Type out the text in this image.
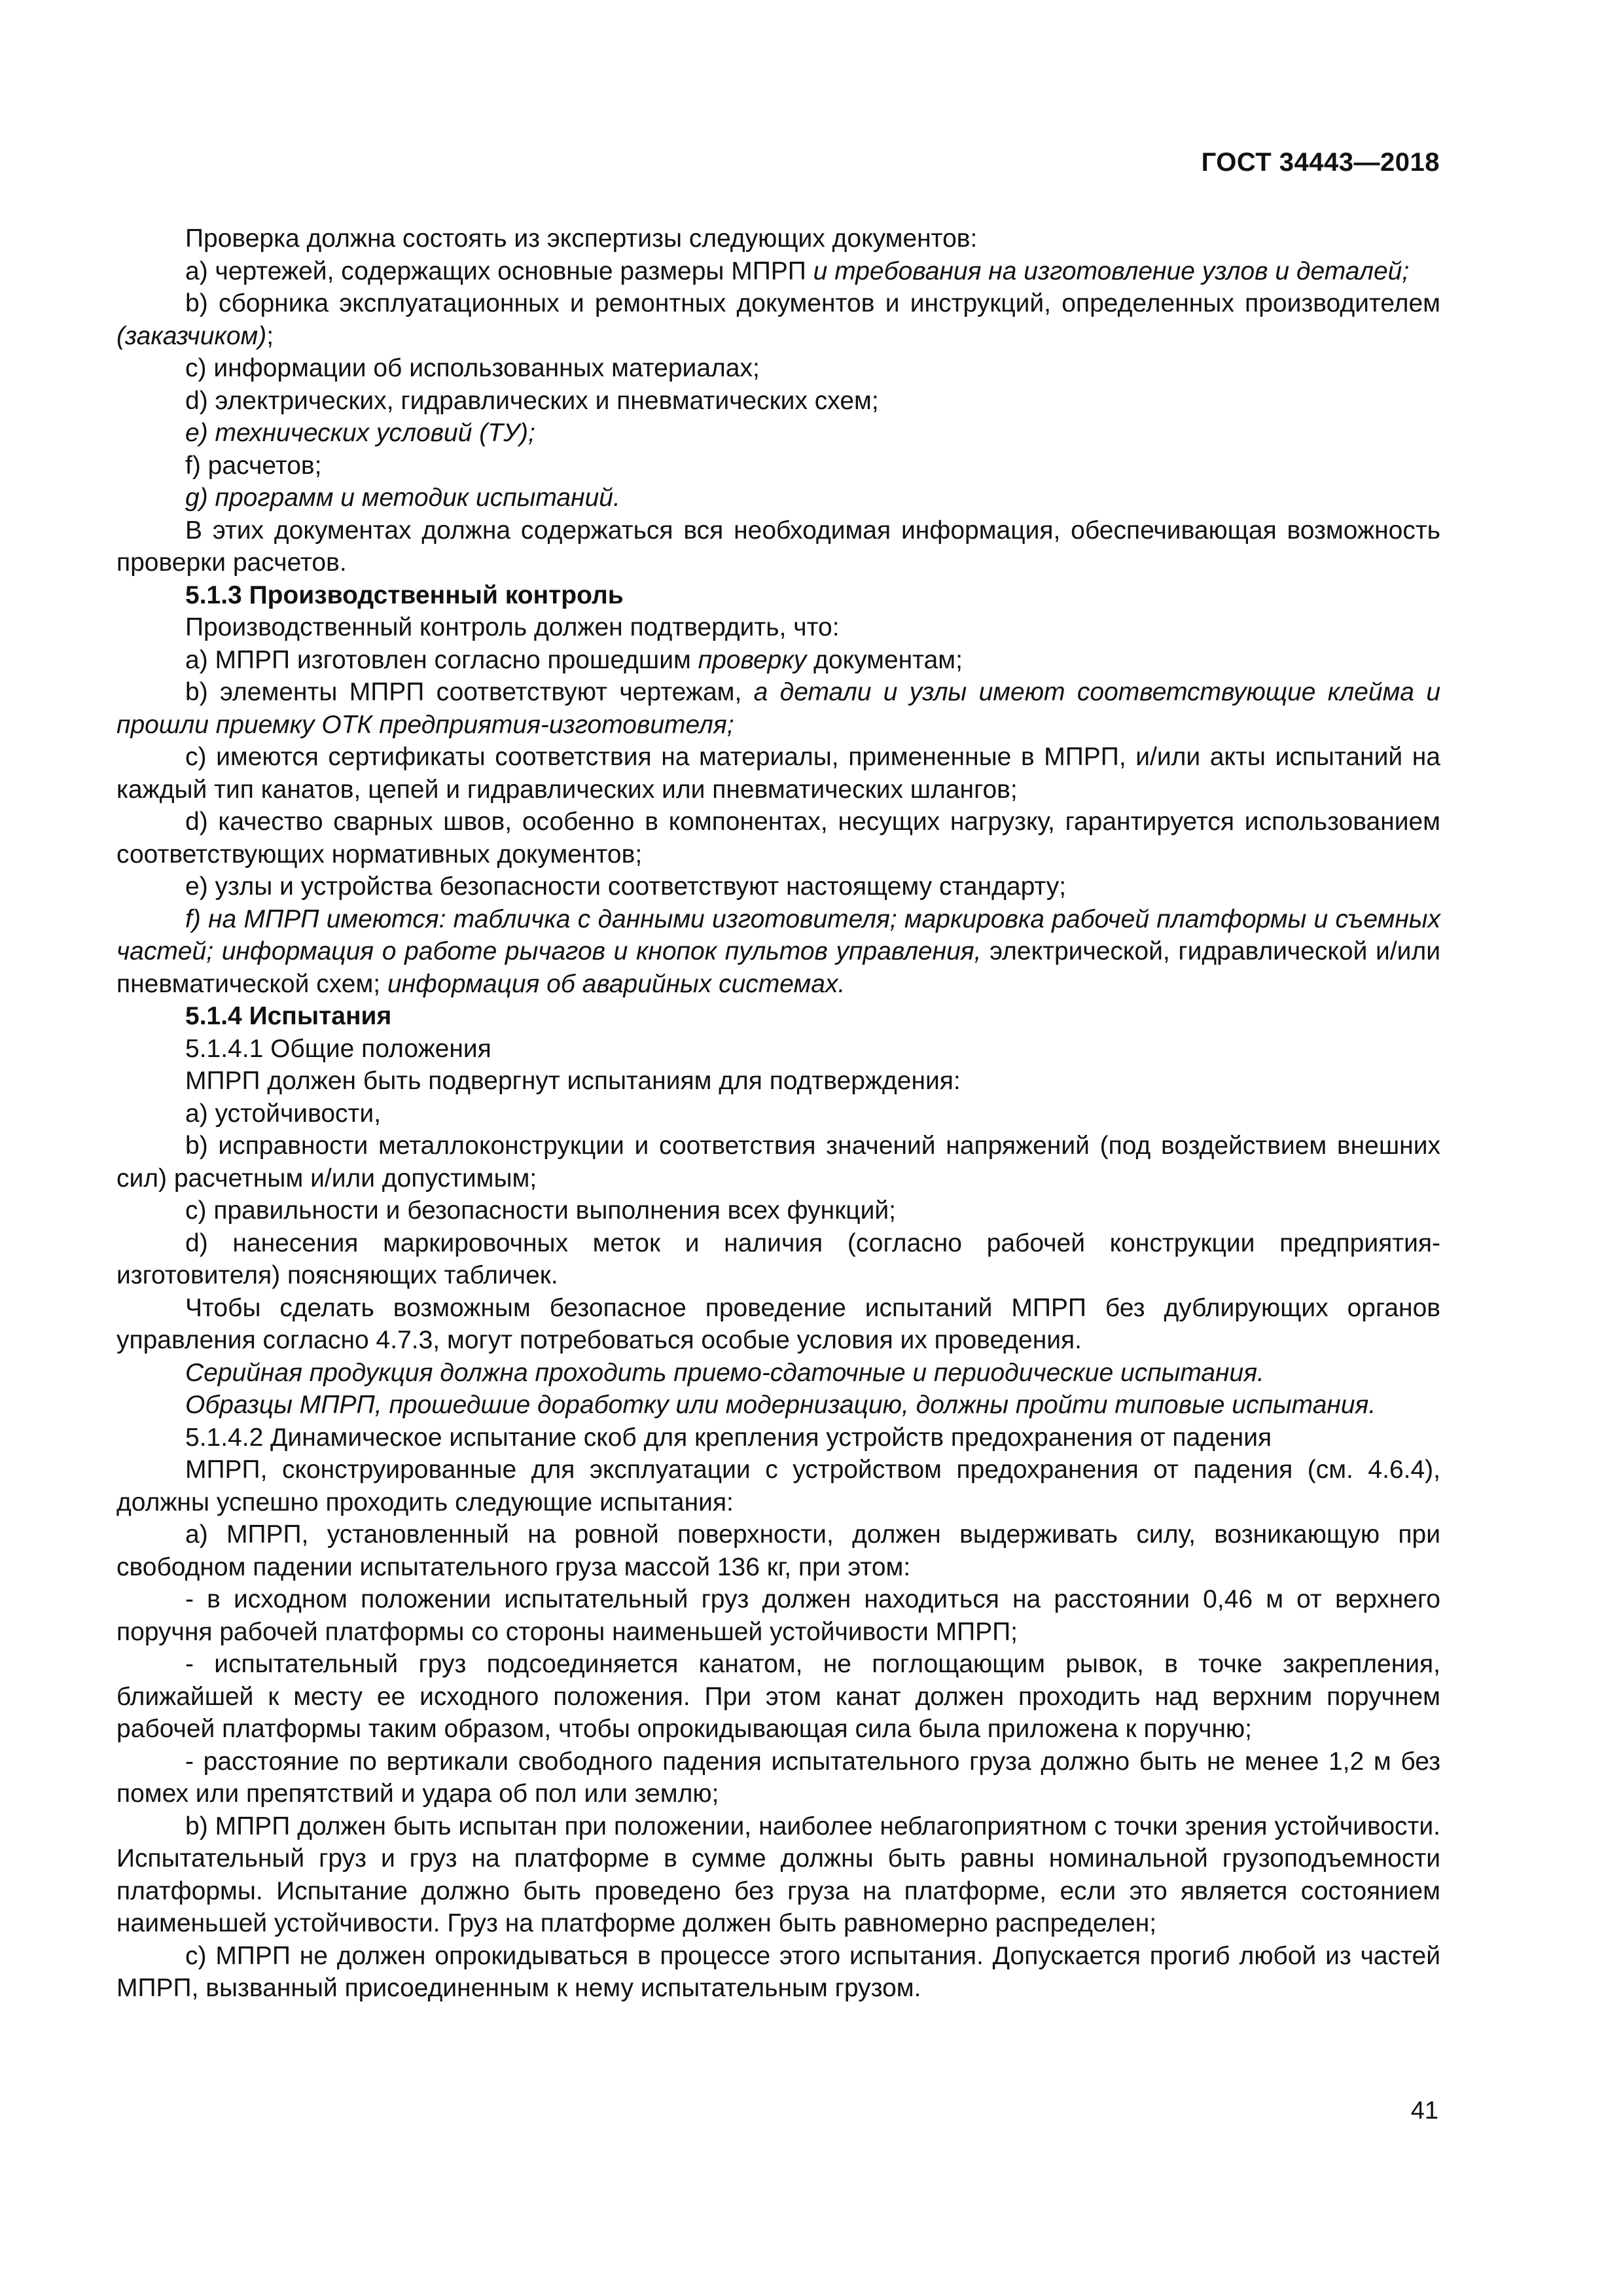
ГОСТ 34443—2018

Проверка должна состоять из экспертизы следующих документов:

а) чертежей, содержащих основные размеры МПРП и требования на изготовление узлов и деталей;

b) сборника эксплуатационных и ремонтных документов и инструкций, определенных производителем (заказчиком);

с) информации об использованных материалах;

d) электрических, гидравлических и пневматических схем;

е) технических условий (ТУ);

f) расчетов;

g) программ и методик испытаний.

В этих документах должна содержаться вся необходимая информация, обеспечивающая возможность проверки расчетов.

5.1.3 Производственный контроль

Производственный контроль должен подтвердить, что:

а) МПРП изготовлен согласно прошедшим проверку документам;

b) элементы МПРП соответствуют чертежам, а детали и узлы имеют соответствующие клейма и прошли приемку ОТК предприятия-изготовителя;

с) имеются сертификаты соответствия на материалы, примененные в МПРП, и/или акты испытаний на каждый тип канатов, цепей и гидравлических или пневматических шлангов;

d) качество сварных швов, особенно в компонентах, несущих нагрузку, гарантируется использованием соответствующих нормативных документов;

е) узлы и устройства безопасности соответствуют настоящему стандарту;

f) на МПРП имеются: табличка с данными изготовителя; маркировка рабочей платформы и съемных частей; информация о работе рычагов и кнопок пультов управления, электрической, гидравлической и/или пневматической схем; информация об аварийных системах.

5.1.4 Испытания

5.1.4.1 Общие положения

МПРП должен быть подвергнут испытаниям для подтверждения:

а) устойчивости,

b) исправности металлоконструкции и соответствия значений напряжений (под воздействием внешних сил) расчетным и/или допустимым;

с) правильности и безопасности выполнения всех функций;

d) нанесения маркировочных меток и наличия (согласно рабочей конструкции предприятия-изготовителя) поясняющих табличек.

Чтобы сделать возможным безопасное проведение испытаний МПРП без дублирующих органов управления согласно 4.7.3, могут потребоваться особые условия их проведения.

Серийная продукция должна проходить приемо-сдаточные и периодические испытания.

Образцы МПРП, прошедшие доработку или модернизацию, должны пройти типовые испытания.

5.1.4.2 Динамическое испытание скоб для крепления устройств предохранения от падения

МПРП, сконструированные для эксплуатации с устройством предохранения от падения (см. 4.6.4), должны успешно проходить следующие испытания:

а) МПРП, установленный на ровной поверхности, должен выдерживать силу, возникающую при свободном падении испытательного груза массой 136 кг, при этом:

- в исходном положении испытательный груз должен находиться на расстоянии 0,46 м от верхнего поручня рабочей платформы со стороны наименьшей устойчивости МПРП;

- испытательный груз подсоединяется канатом, не поглощающим рывок, в точке закрепления, ближайшей к месту ее исходного положения. При этом канат должен проходить над верхним поручнем рабочей платформы таким образом, чтобы опрокидывающая сила была приложена к поручню;

- расстояние по вертикали свободного падения испытательного груза должно быть не менее 1,2 м без помех или препятствий и удара об пол или землю;

b) МПРП должен быть испытан при положении, наиболее неблагоприятном с точки зрения устойчивости. Испытательный груз и груз на платформе в сумме должны быть равны номинальной грузоподъемности платформы. Испытание должно быть проведено без груза на платформе, если это является состоянием наименьшей устойчивости. Груз на платформе должен быть равномерно распределен;

с) МПРП не должен опрокидываться в процессе этого испытания. Допускается прогиб любой из частей МПРП, вызванный присоединенным к нему испытательным грузом.

41
